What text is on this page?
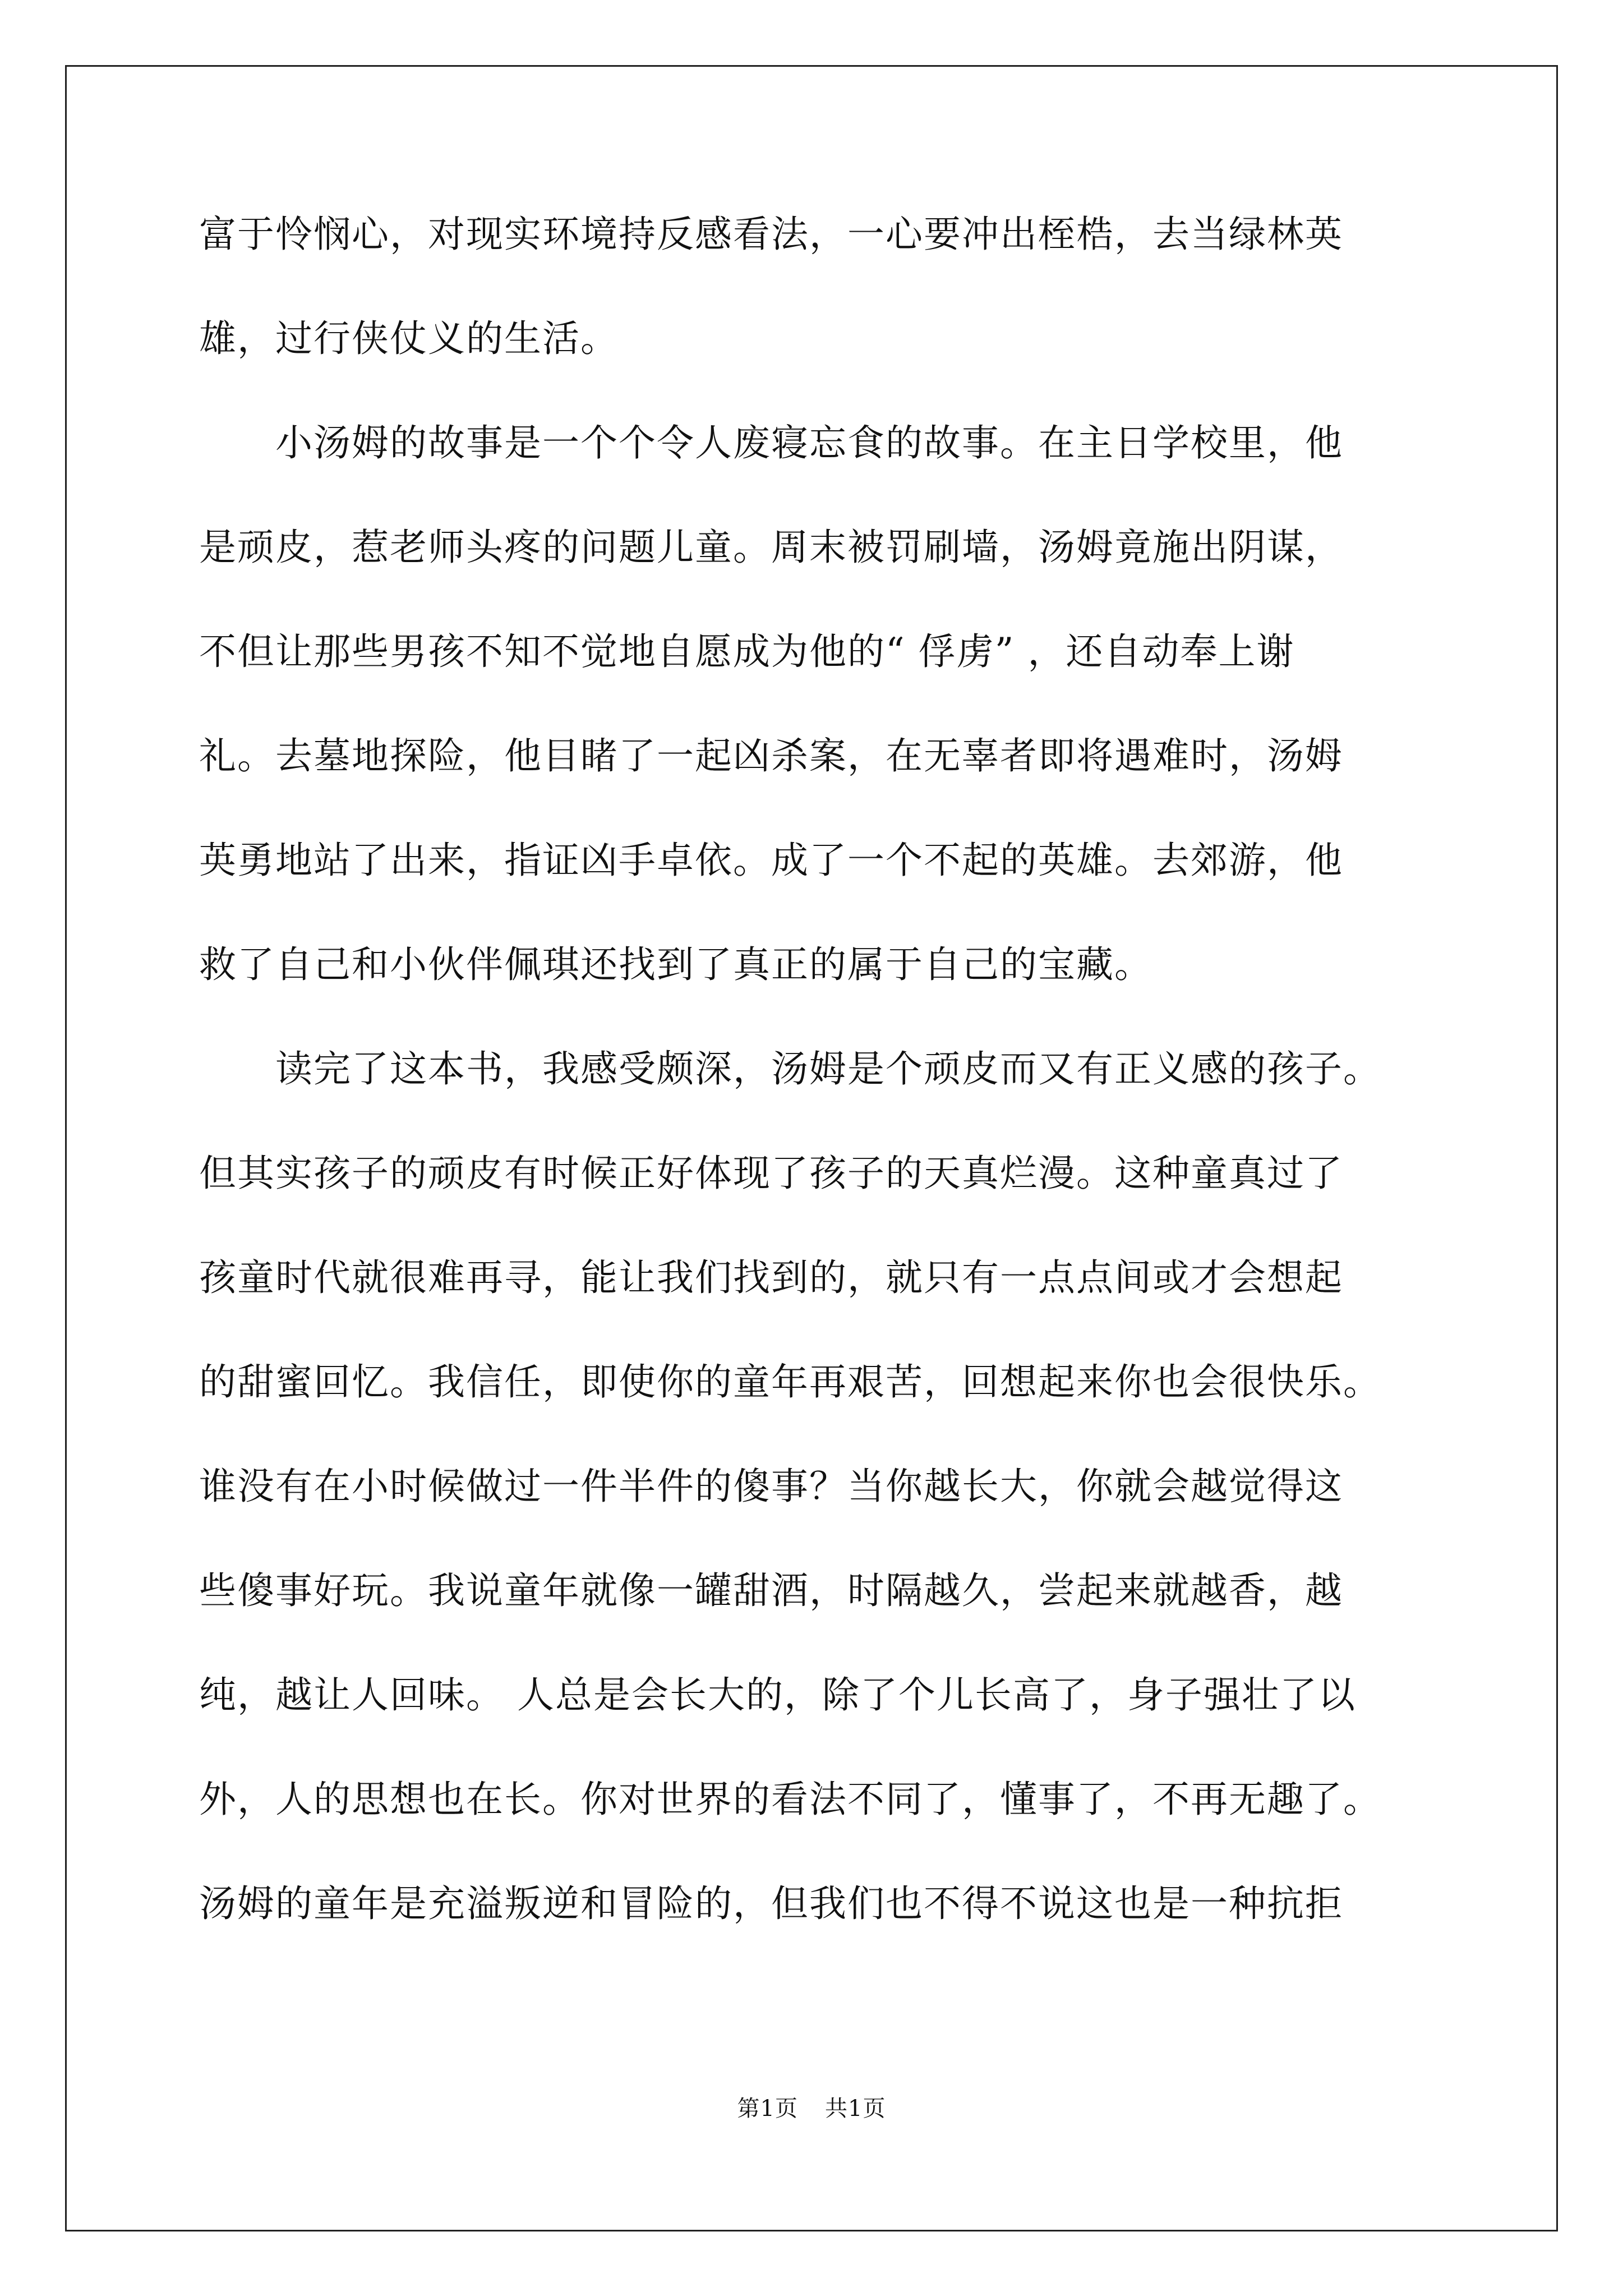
富于怜悯心，对现实环境持反感看法，一心要冲出桎梏，去当绿林英
雄，过行侠仗义的生活。
　　小汤姆的故事是一个个令人废寝忘食的故事。在主日学校里，他
是顽皮，惹老师头疼的问题儿童。周末被罚刷墙，汤姆竟施出阴谋，
不但让那些男孩不知不觉地自愿成为他的“ 俘虏” ，还自动奉上谢
礼。去墓地探险，他目睹了一起凶杀案，在无辜者即将遇难时，汤姆
英勇地站了出来，指证凶手卓依。成了一个不起的英雄。去郊游，他
救了自己和小伙伴佩琪还找到了真正的属于自己的宝藏。
　　读完了这本书，我感受颇深，汤姆是个顽皮而又有正义感的孩子。
但其实孩子的顽皮有时候正好体现了孩子的天真烂漫。这种童真过了
孩童时代就很难再寻，能让我们找到的，就只有一点点间或才会想起
的甜蜜回忆。我信任，即使你的童年再艰苦，回想起来你也会很快乐。
谁没有在小时候做过一件半件的傻事？当你越长大，你就会越觉得这
些傻事好玩。我说童年就像一罐甜酒，时隔越久，尝起来就越香，越
纯，越让人回味。 人总是会长大的，除了个儿长高了，身子强壮了以
外，人的思想也在长。你对世界的看法不同了，懂事了，不再无趣了。
汤姆的童年是充溢叛逆和冒险的，但我们也不得不说这也是一种抗拒
第1页 共1页
